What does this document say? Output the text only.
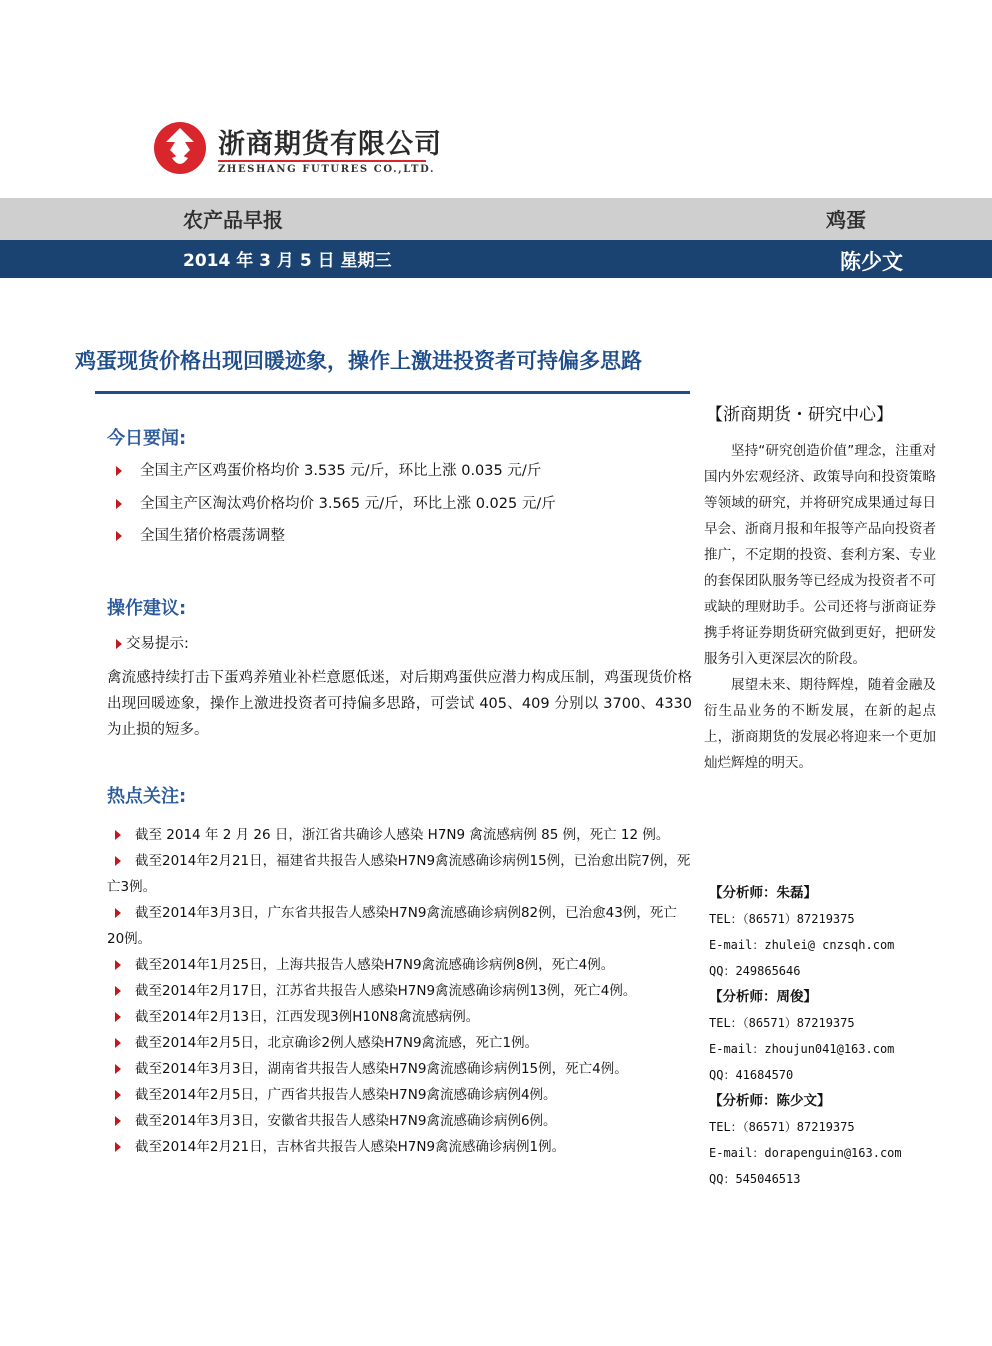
浙商期货有限公司
ZHESHANG FUTURES CO.,LTD.
农产品早报	鸡蛋
2014 年 3 月 5 日 星期三	陈少文
鸡蛋现货价格出现回暖迹象，操作上激进投资者可持偏多思路
今日要闻:
全国主产区鸡蛋价格均价 3.535 元/斤，环比上涨 0.035 元/斤
全国主产区淘汰鸡价格均价 3.565 元/斤，环比上涨 0.025 元/斤
全国生猪价格震荡调整
操作建议:
交易提示:
禽流感持续打击下蛋鸡养殖业补栏意愿低迷，对后期鸡蛋供应潜力构成压制，鸡蛋现货价格出现回暖迹象，操作上激进投资者可持偏多思路，可尝试 405、409 分别以 3700、4330 为止损的短多。
热点关注:
截至 2014 年 2 月 26 日，浙江省共确诊人感染 H7N9 禽流感病例 85 例，死亡 12 例。
截至2014年2月21日，福建省共报告人感染H7N9禽流感确诊病例15例，已治愈出院7例，死亡3例。
截至2014年3月3日，广东省共报告人感染H7N9禽流感确诊病例82例，已治愈43例，死亡20例。
截至2014年1月25日，上海共报告人感染H7N9禽流感确诊病例8例，死亡4例。
截至2014年2月17日，江苏省共报告人感染H7N9禽流感确诊病例13例，死亡4例。
截至2014年2月13日，江西发现3例H10N8禽流感病例。
截至2014年2月5日，北京确诊2例人感染H7N9禽流感，死亡1例。
截至2014年3月3日，湖南省共报告人感染H7N9禽流感确诊病例15例，死亡4例。
截至2014年2月5日，广西省共报告人感染H7N9禽流感确诊病例4例。
截至2014年3月3日，安徽省共报告人感染H7N9禽流感确诊病例6例。
截至2014年2月21日，吉林省共报告人感染H7N9禽流感确诊病例1例。
【浙商期货・研究中心】

坚持“研究创造价值”理念，注重对国内外宏观经济、政策导向和投资策略等领域的研究，并将研究成果通过每日早会、浙商月报和年报等产品向投资者推广，不定期的投资、套利方案、专业的套保团队服务等已经成为投资者不可或缺的理财助手。公司还将与浙商证券携手将证券期货研究做到更好，把研发服务引入更深层次的阶段。

展望未来、期待辉煌，随着金融及衍生品业务的不断发展，在新的起点上，浙商期货的发展必将迎来一个更加灿烂辉煌的明天。

【分析师：朱磊】
TEL：（86571）87219375
E-mail：zhulei@ cnzsqh.com
QQ：249865646
【分析师：周俊】
TEL：（86571）87219375
E-mail：zhoujun041@163.com
QQ：41684570
【分析师：陈少文】
TEL：（86571）87219375
E-mail：dorapenguin@163.com
QQ：545046513
